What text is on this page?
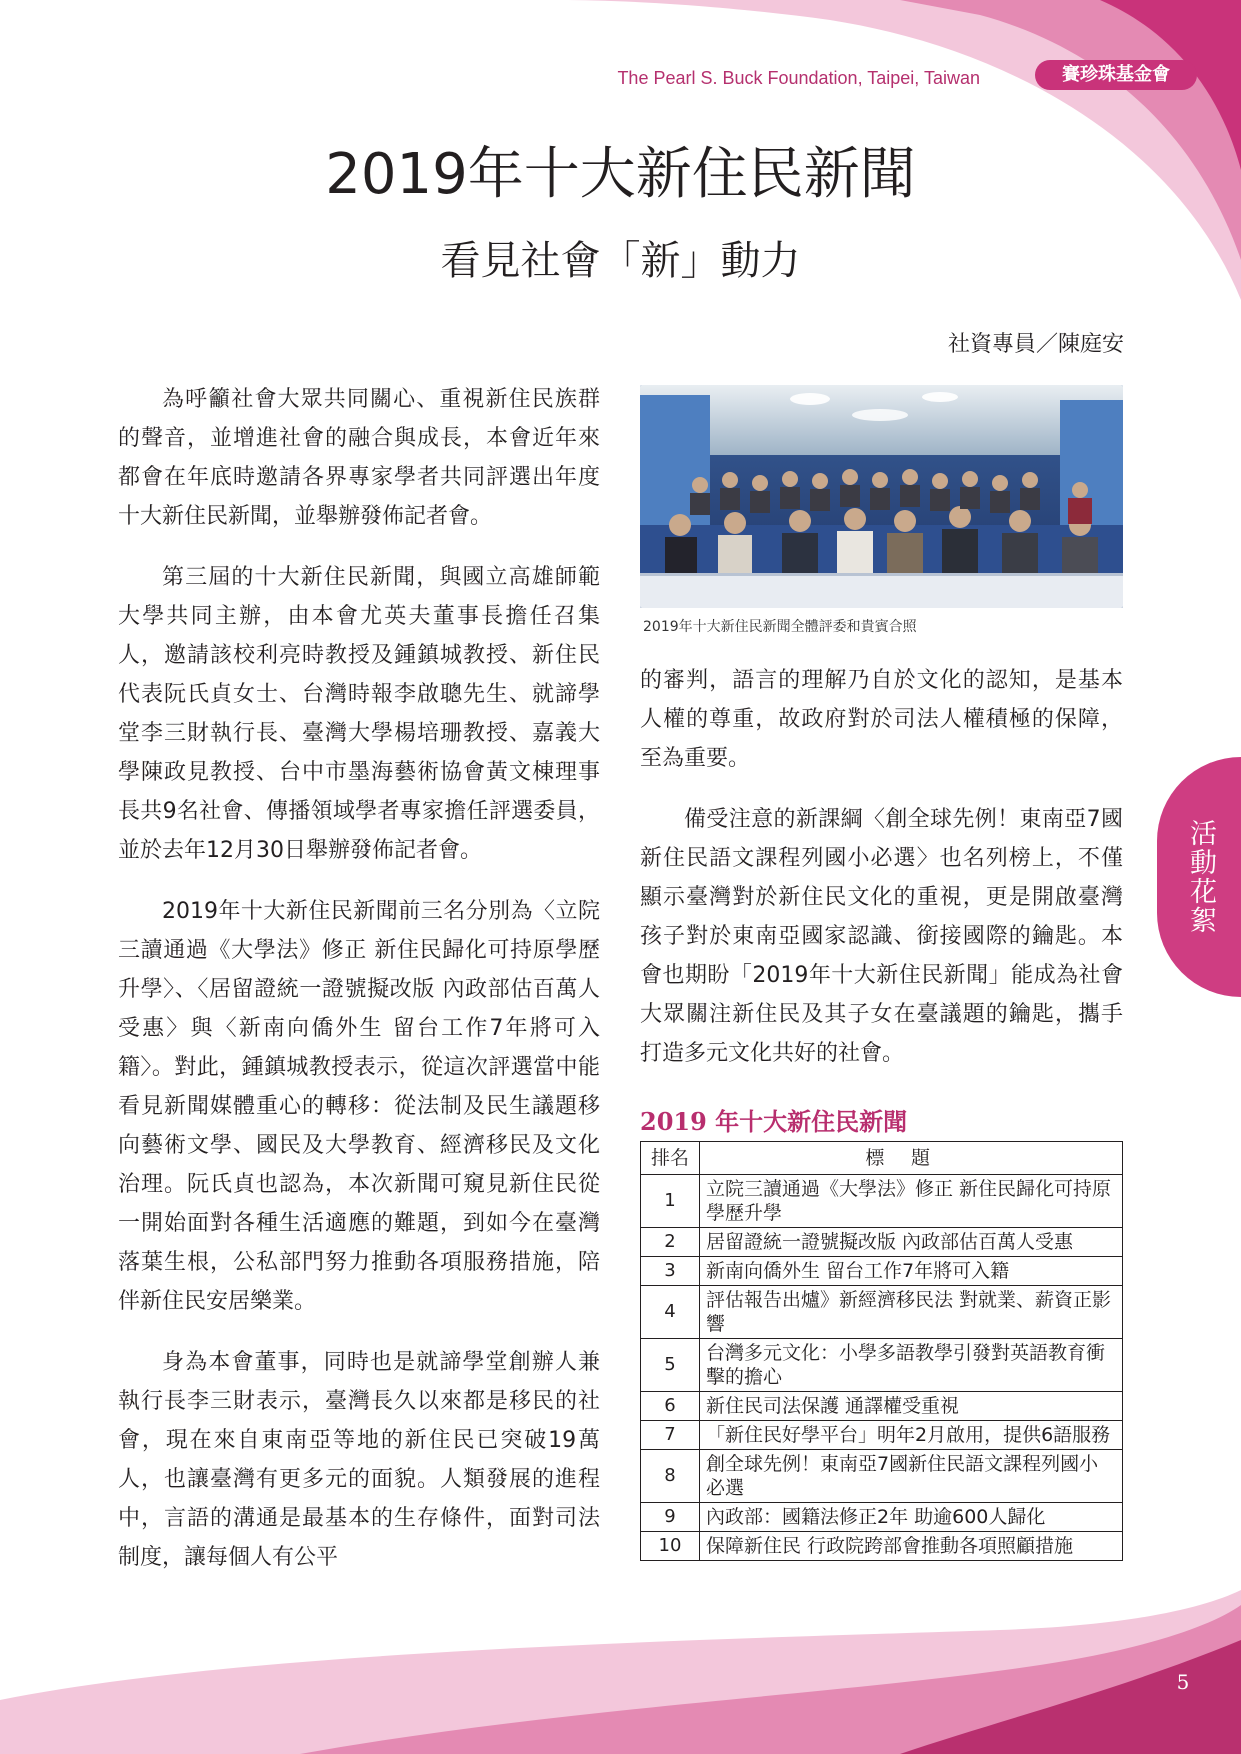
The Pearl S. Buck Foundation, Taipei, Taiwan	賽珍珠基金會
2019年十大新住民新聞
看見社會「新」動力
社資專員／陳庭安

為呼籲社會大眾共同關心、重視新住民族群的聲音，並增進社會的融合與成長，本會近年來都會在年底時邀請各界專家學者共同評選出年度十大新住民新聞，並舉辦發佈記者會。

第三屆的十大新住民新聞，與國立高雄師範大學共同主辦，由本會尤英夫董事長擔任召集人，邀請該校利亮時教授及鍾鎮城教授、新住民代表阮氏貞女士、台灣時報李啟聰先生、就諦學堂李三財執行長、臺灣大學楊培珊教授、嘉義大學陳政見教授、台中市墨海藝術協會黃文棟理事長共9名社會、傳播領域學者專家擔任評選委員，並於去年12月30日舉辦發佈記者會。

2019年十大新住民新聞前三名分別為〈立院三讀通過《大學法》修正 新住民歸化可持原學歷升學〉、〈居留證統一證號擬改版 內政部估百萬人受惠〉與〈新南向僑外生 留台工作7年將可入籍〉。對此，鍾鎮城教授表示，從這次評選當中能看見新聞媒體重心的轉移：從法制及民生議題移向藝術文學、國民及大學教育、經濟移民及文化治理。阮氏貞也認為，本次新聞可窺見新住民從一開始面對各種生活適應的難題，到如今在臺灣落葉生根，公私部門努力推動各項服務措施，陪伴新住民安居樂業。

身為本會董事，同時也是就諦學堂創辦人兼執行長李三財表示，臺灣長久以來都是移民的社會，現在來自東南亞等地的新住民已突破19萬人，也讓臺灣有更多元的面貌。人類發展的進程中，言語的溝通是最基本的生存條件，面對司法制度，讓每個人有公平

2019年十大新住民新聞全體評委和貴賓合照

的審判，語言的理解乃自於文化的認知，是基本人權的尊重，故政府對於司法人權積極的保障，至為重要。

備受注意的新課綱〈創全球先例！東南亞7國新住民語文課程列國小必選〉也名列榜上，不僅顯示臺灣對於新住民文化的重視，更是開啟臺灣孩子對於東南亞國家認識、銜接國際的鑰匙。本會也期盼「2019年十大新住民新聞」能成為社會大眾關注新住民及其子女在臺議題的鑰匙，攜手打造多元文化共好的社會。

活動花絮
2019 年十大新住民新聞
排名	標題
1	立院三讀通過《大學法》修正 新住民歸化可持原學歷升學
2	居留證統一證號擬改版 內政部估百萬人受惠
3	新南向僑外生 留台工作7年將可入籍
4	評估報告出爐》新經濟移民法 對就業、薪資正影響
5	台灣多元文化：小學多語教學引發對英語教育衝擊的擔心
6	新住民司法保護 通譯權受重視
7	「新住民好學平台」明年2月啟用，提供6語服務
8	創全球先例！東南亞7國新住民語文課程列國小必選
9	內政部：國籍法修正2年 助逾600人歸化
10	保障新住民 行政院跨部會推動各項照顧措施
5
